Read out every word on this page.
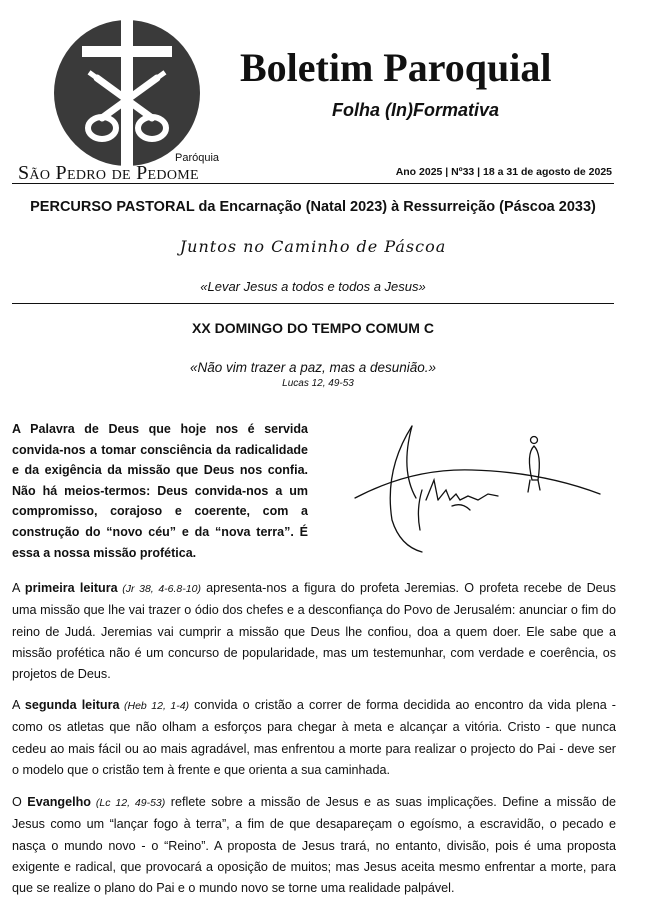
São Pedro de Pedome
Paróquia
Boletim Paroquial
Folha (In)Formativa
Ano 2025 | Nº33 | 18 a 31 de agosto de 2025
PERCURSO PASTORAL da Encarnação (Natal 2023) à Ressurreição (Páscoa 2033)
Juntos no Caminho de Páscoa
«Levar Jesus a todos e todos a Jesus»
XX DOMINGO DO TEMPO COMUM C
«Não vim trazer a paz, mas a desunião.»
Lucas 12, 49-53
A Palavra de Deus que hoje nos é servida convida-nos a tomar consciência da radicalidade e da exigência da missão que Deus nos confia. Não há meios-termos: Deus convida-nos a um compromisso, corajoso e coerente, com a construção do “novo céu” e da “nova terra”. É essa a nossa missão profética.
A primeira leitura (Jr 38, 4-6.8-10) apresenta-nos a figura do profeta Jeremias. O profeta recebe de Deus uma missão que lhe vai trazer o ódio dos chefes e a desconfiança do Povo de Jerusalém: anunciar o fim do reino de Judá. Jeremias vai cumprir a missão que Deus lhe confiou, doa a quem doer. Ele sabe que a missão profética não é um concurso de popularidade, mas um testemunhar, com verdade e coerência, os projetos de Deus.
A segunda leitura (Heb 12, 1-4) convida o cristão a correr de forma decidida ao encontro da vida plena - como os atletas que não olham a esforços para chegar à meta e alcançar a vitória. Cristo - que nunca cedeu ao mais fácil ou ao mais agradável, mas enfrentou a morte para realizar o projecto do Pai - deve ser o modelo que o cristão tem à frente e que orienta a sua caminhada.
O Evangelho (Lc 12, 49-53) reflete sobre a missão de Jesus e as suas implicações. Define a missão de Jesus como um “lançar fogo à terra”, a fim de que desapareçam o egoísmo, a escravidão, o pecado e nasça o mundo novo - o “Reino”. A proposta de Jesus trará, no entanto, divisão, pois é uma proposta exigente e radical, que provocará a oposição de muitos; mas Jesus aceita mesmo enfrentar a morte, para que se realize o plano do Pai e o mundo novo se torne uma realidade palpável.
